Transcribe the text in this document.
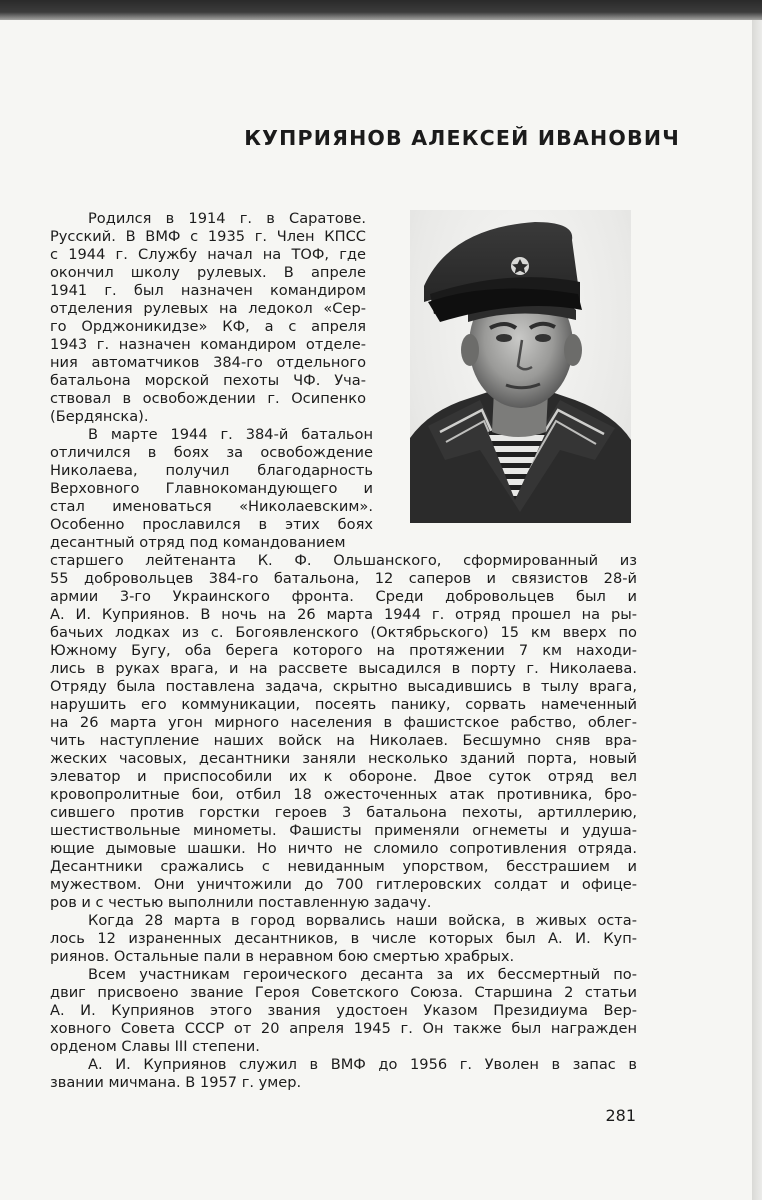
КУПРИЯНОВ АЛЕКСЕЙ ИВАНОВИЧ
Родился в 1914 г. в Саратове.
Русский. В ВМФ с 1935 г. Член КПСС
с 1944 г. Службу начал на ТОФ, где
окончил школу рулевых. В апреле
1941 г. был назначен командиром
отделения рулевых на ледокол «Сер-
го Орджоникидзе» КФ, а с апреля
1943 г. назначен командиром отделе-
ния автоматчиков 384-го отдельного
батальона морской пехоты ЧФ. Уча-
ствовал в освобождении г. Осипенко
(Бердянска).
В марте 1944 г. 384-й батальон
отличился в боях за освобождение
Николаева, получил благодарность
Верховного Главнокомандующего и
стал именоваться «Николаевским».
Особенно прославился в этих боях
десантный отряд под командованием
старшего лейтенанта К. Ф. Ольшанского, сформированный из
55 добровольцев 384-го батальона, 12 саперов и связистов 28-й
армии 3-го Украинского фронта. Среди добровольцев был и
А. И. Куприянов. В ночь на 26 марта 1944 г. отряд прошел на ры-
бачьих лодках из с. Богоявленского (Октябрьского) 15 км вверх по
Южному Бугу, оба берега которого на протяжении 7 км находи-
лись в руках врага, и на рассвете высадился в порту г. Николаева.
Отряду была поставлена задача, скрытно высадившись в тылу врага,
нарушить его коммуникации, посеять панику, сорвать намеченный
на 26 марта угон мирного населения в фашистское рабство, облег-
чить наступление наших войск на Николаев. Бесшумно сняв вра-
жеских часовых, десантники заняли несколько зданий порта, новый
элеватор и приспособили их к обороне. Двое суток отряд вел
кровопролитные бои, отбил 18 ожесточенных атак противника, бро-
сившего против горстки героев 3 батальона пехоты, артиллерию,
шестиствольные минометы. Фашисты применяли огнеметы и удуша-
ющие дымовые шашки. Но ничто не сломило сопротивления отряда.
Десантники сражались с невиданным упорством, бесстрашием и
мужеством. Они уничтожили до 700 гитлеровских солдат и офице-
ров и с честью выполнили поставленную задачу.
Когда 28 марта в город ворвались наши войска, в живых оста-
лось 12 израненных десантников, в числе которых был А. И. Куп-
риянов. Остальные пали в неравном бою смертью храбрых.
Всем участникам героического десанта за их бессмертный по-
двиг присвоено звание Героя Советского Союза. Старшина 2 статьи
А. И. Куприянов этого звания удостоен Указом Президиума Вер-
ховного Совета СССР от 20 апреля 1945 г. Он также был награжден
орденом Славы III степени.
А. И. Куприянов служил в ВМФ до 1956 г. Уволен в запас в
звании мичмана. В 1957 г. умер.
281
